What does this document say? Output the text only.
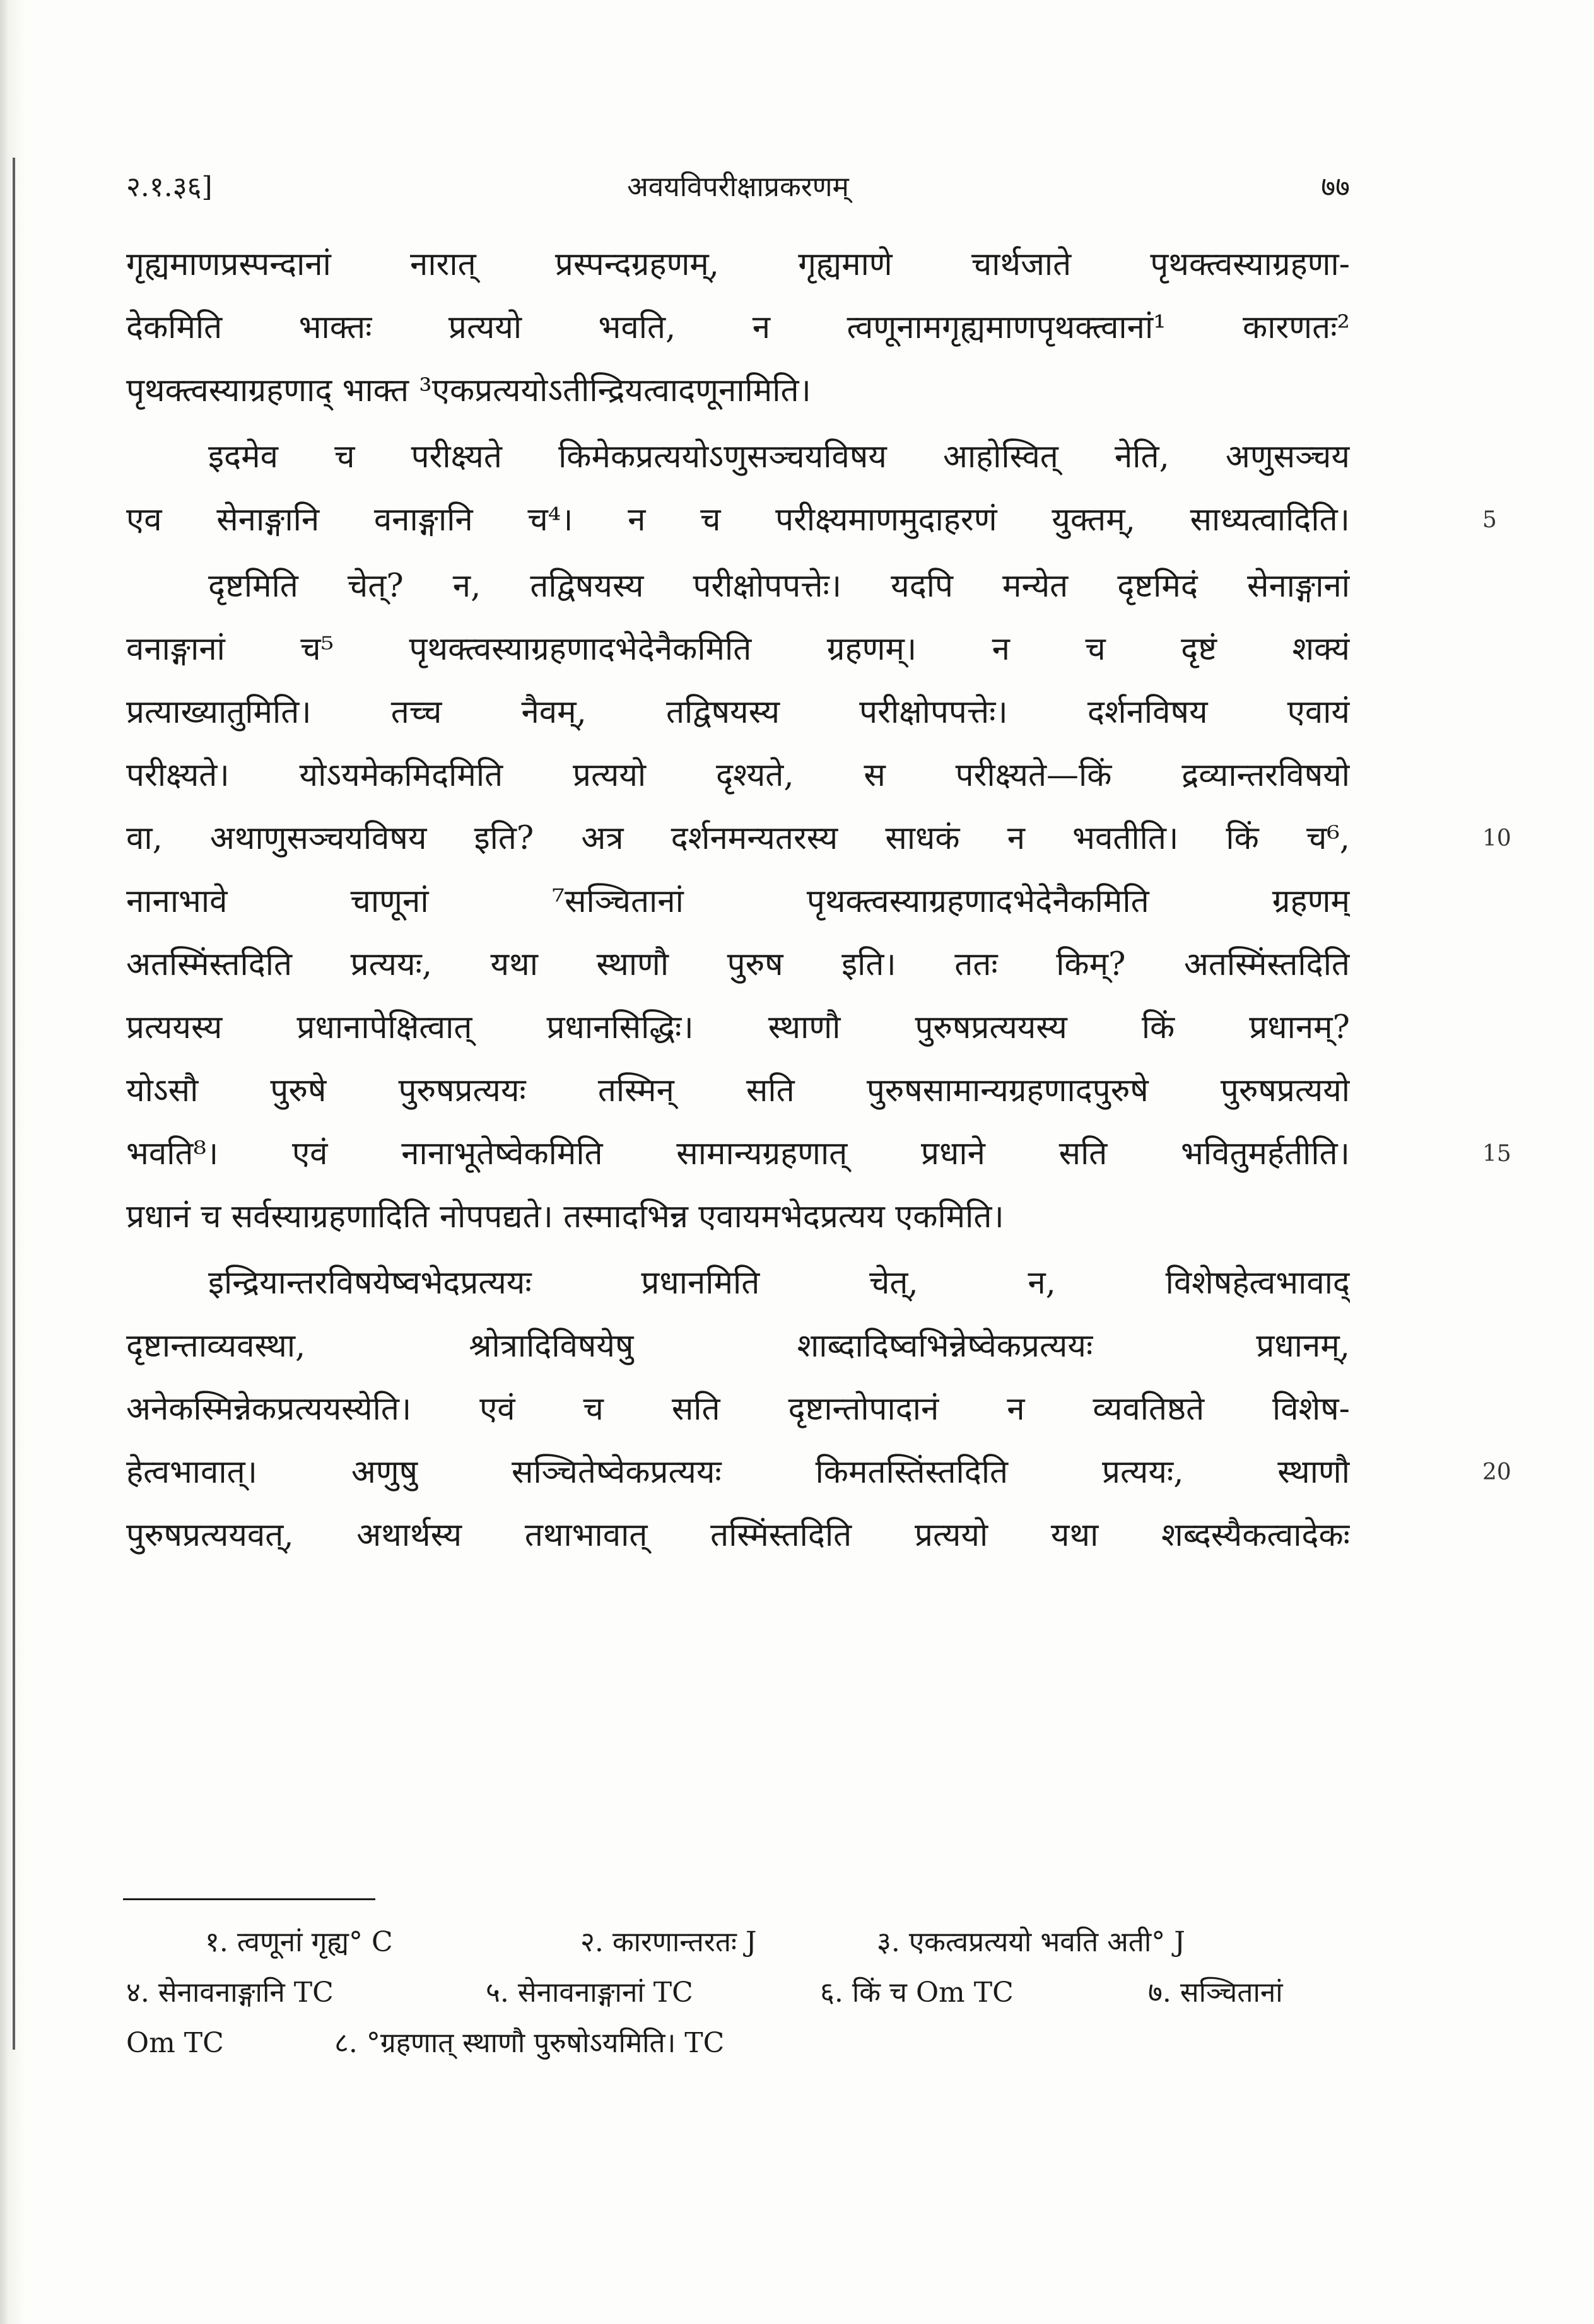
२.१.३६]	अवयविपरीक्षाप्रकरणम्	७७
गृह्यमाणप्रस्पन्दानां नारात् प्रस्पन्दग्रहणम्, गृह्यमाणे चार्थजाते पृथक्त्वस्याग्रहणा-
देकमिति भाक्तः प्रत्ययो भवति, न त्वणूनामगृह्यमाणपृथक्त्वानां¹ कारणतः²
पृथक्त्वस्याग्रहणाद् भाक्त ³एकप्रत्ययोऽतीन्द्रियत्वादणूनामिति।
इदमेव च परीक्ष्यते किमेकप्रत्ययोऽणुसञ्चयविषय आहोस्वित् नेति, अणुसञ्चय
एव सेनाङ्गानि वनाङ्गानि च⁴। न च परीक्ष्यमाणमुदाहरणं युक्तम्, साध्यत्वादिति।	5
दृष्टमिति चेत्? न, तद्विषयस्य परीक्षोपपत्तेः। यदपि मन्येत दृष्टमिदं सेनाङ्गानां
वनाङ्गानां च⁵ पृथक्त्वस्याग्रहणादभेदेनैकमिति ग्रहणम्। न च दृष्टं शक्यं
प्रत्याख्यातुमिति। तच्च नैवम्, तद्विषयस्य परीक्षोपपत्तेः। दर्शनविषय एवायं
परीक्ष्यते। योऽयमेकमिदमिति प्रत्ययो दृश्यते, स परीक्ष्यते—किं द्रव्यान्तरविषयो
वा, अथाणुसञ्चयविषय इति? अत्र दर्शनमन्यतरस्य साधकं न भवतीति। किं च⁶,	10
नानाभावे चाणूनां ⁷सञ्चितानां पृथक्त्वस्याग्रहणादभेदेनैकमिति ग्रहणम्
अतस्मिंस्तदिति प्रत्ययः, यथा स्थाणौ पुरुष इति। ततः किम्? अतस्मिंस्तदिति
प्रत्ययस्य प्रधानापेक्षित्वात् प्रधानसिद्धिः। स्थाणौ पुरुषप्रत्ययस्य किं प्रधानम्?
योऽसौ पुरुषे पुरुषप्रत्ययः तस्मिन् सति पुरुषसामान्यग्रहणादपुरुषे पुरुषप्रत्ययो
भवति⁸। एवं नानाभूतेष्वेकमिति सामान्यग्रहणात् प्रधाने सति भवितुमर्हतीति।	15
प्रधानं च सर्वस्याग्रहणादिति नोपपद्यते। तस्मादभिन्न एवायमभेदप्रत्यय एकमिति।
इन्द्रियान्तरविषयेष्वभेदप्रत्ययः प्रधानमिति चेत्, न, विशेषहेत्वभावाद्
दृष्टान्ताव्यवस्था, श्रोत्रादिविषयेषु शाब्दादिष्वभिन्नेष्वेकप्रत्ययः प्रधानम्,
अनेकस्मिन्नेकप्रत्ययस्येति। एवं च सति दृष्टान्तोपादानं न व्यवतिष्ठते विशेष-
हेत्वभावात्। अणुषु सञ्चितेष्वेकप्रत्ययः किमतस्तिंस्तदिति प्रत्ययः, स्थाणौ	20
पुरुषप्रत्ययवत्, अथार्थस्य तथाभावात् तस्मिंस्तदिति प्रत्ययो यथा शब्दस्यैकत्वादेकः
१. त्वणूनां गृह्य° C	२. कारणान्तरतः J	३. एकत्वप्रत्ययो भवति अती° J
४. सेनावनाङ्गानि TC	५. सेनावनाङ्गानां TC	६. किं च Om TC	७. सञ्चितानां
Om TC	८. °ग्रहणात् स्थाणौ पुरुषोऽयमिति। TC
